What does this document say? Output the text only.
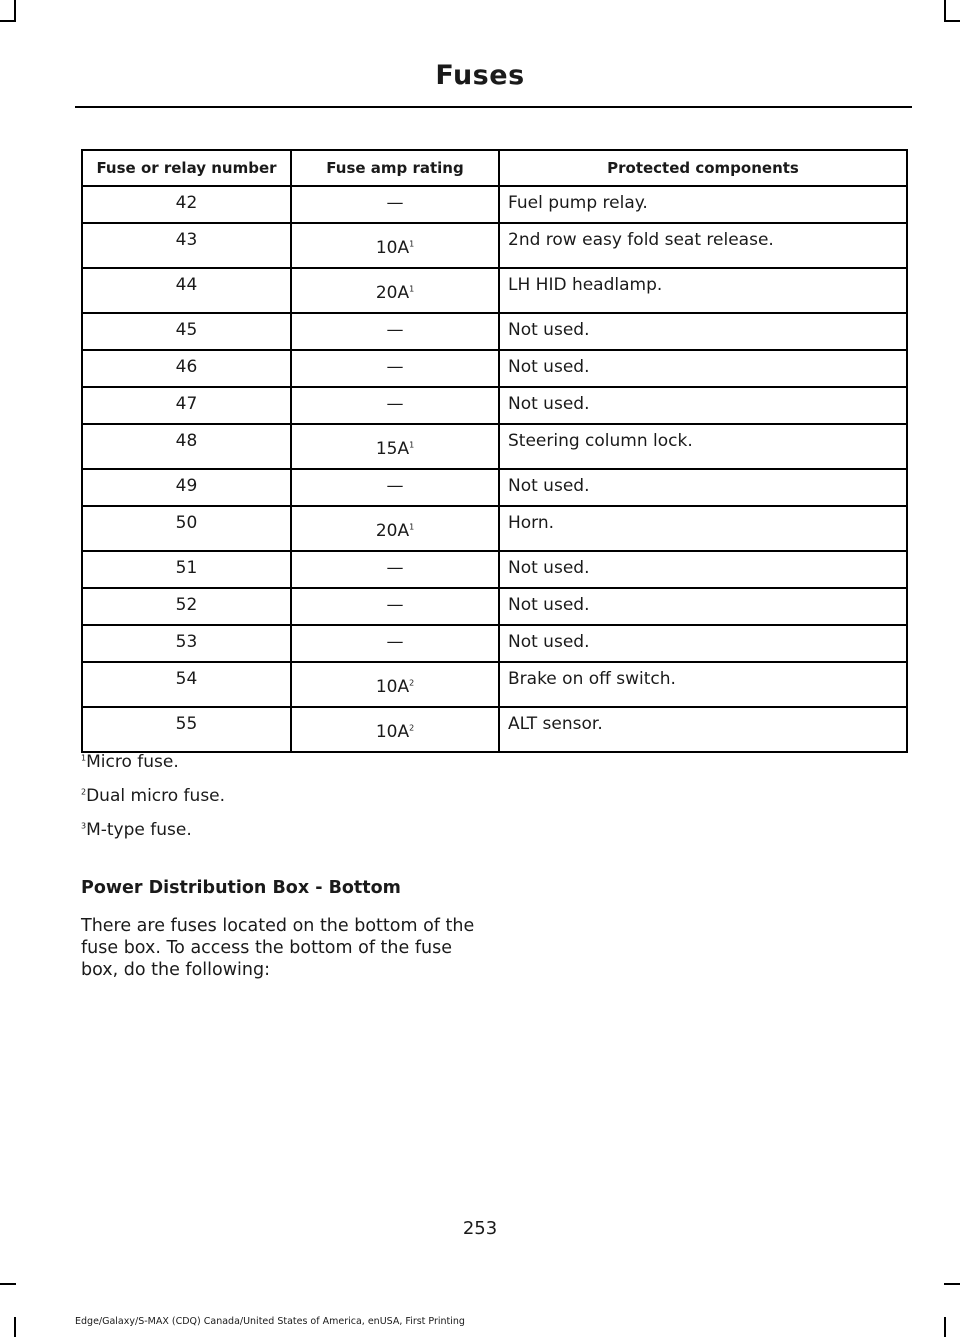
Fuses
Fuse or relay number	Fuse amp rating	Protected components
42	—	Fuel pump relay.
43	$10A^1$	2nd row easy fold seat release.
44	$20A^1$	LH HID headlamp.
45	—	Not used.
46	—	Not used.
47	—	Not used.
48	$15A^1$	Steering column lock.
49	—	Not used.
50	$20A^1$	Horn.
51	—	Not used.
52	—	Not used.
53	—	Not used.
54	$10A^2$	Brake on off switch.
55	$10A^2$	ALT sensor.

$^1$Micro fuse.

$^2$Dual micro fuse.

$^3$M-type fuse.

Power Distribution Box - Bottom
There are fuses located on the bottom of the fuse box. To access the bottom of the fuse box, do the following:
253
Edge/Galaxy/S-MAX (CDQ) Canada/United States of America, enUSA, First Printing
